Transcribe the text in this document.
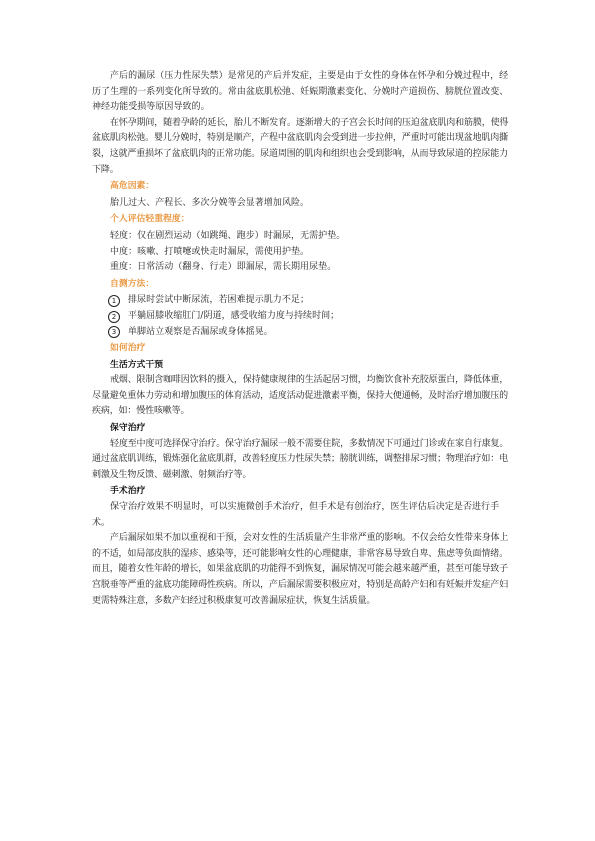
产后的漏尿（压力性尿失禁）是常见的产后并发症，主要是由于女性的身体在怀孕和分娩过程中，经历了生理的一系列变化所导致的。常由盆底肌松弛、妊娠期激素变化、分娩时产道损伤、膀胱位置改变、神经功能受损等原因导致的。

在怀孕期间，随着孕龄的延长，胎儿不断发育。逐渐增大的子宫会长时间的压迫盆底肌肉和筋膜，使得盆底肌肉松弛。婴儿分娩时，特别是顺产，产程中盆底肌肉会受到进一步拉伸，严重时可能出现盆地肌肉撕裂，这就严重损坏了盆底肌肉的正常功能。尿道周围的肌肉和组织也会受到影响，从而导致尿道的控尿能力下降。

高危因素：

胎儿过大、产程长、多次分娩等会显著增加风险。

个人评估轻重程度：

轻度：仅在剧烈运动（如跳绳、跑步）时漏尿，无需护垫。

中度：咳嗽、打喷嚏或快走时漏尿，需使用护垫。

重度：日常活动（翻身、行走）即漏尿，需长期用尿垫。

自测方法：

1	排尿时尝试中断尿流，若困难提示肌力不足；
2	平躺屈膝收缩肛门/阴道，感受收缩力度与持续时间；
3	单脚站立观察是否漏尿或身体摇晃。

如何治疗

生活方式干预

戒烟、限制含咖啡因饮料的摄入，保持健康规律的生活起居习惯，均衡饮食补充胶原蛋白，降低体重，尽量避免重体力劳动和增加腹压的体育活动，适度活动促进激素平衡，保持大便通畅，及时治疗增加腹压的疾病，如：慢性咳嗽等。

保守治疗

轻度至中度可选择保守治疗。保守治疗漏尿一般不需要住院，多数情况下可通过门诊或在家自行康复。通过盆底肌训练，锻炼强化盆底肌群，改善轻度压力性尿失禁；膀胱训练，调整排尿习惯；物理治疗如：电刺激及生物反馈、磁刺激、射频治疗等。

手术治疗

保守治疗效果不明显时，可以实施微创手术治疗，但手术是有创治疗，医生评估后决定是否进行手术。

产后漏尿如果不加以重视和干预，会对女性的生活质量产生非常严重的影响。不仅会给女性带来身体上的不适，如局部皮肤的湿疹、感染等，还可能影响女性的心理健康，非常容易导致自卑、焦虑等负面情绪。而且，随着女性年龄的增长，如果盆底肌的功能得不到恢复，漏尿情况可能会越来越严重，甚至可能导致子宫脱垂等严重的盆底功能障碍性疾病。所以，产后漏尿需要积极应对，特别是高龄产妇和有妊娠并发症产妇更需特殊注意，多数产妇经过积极康复可改善漏尿症状，恢复生活质量。
